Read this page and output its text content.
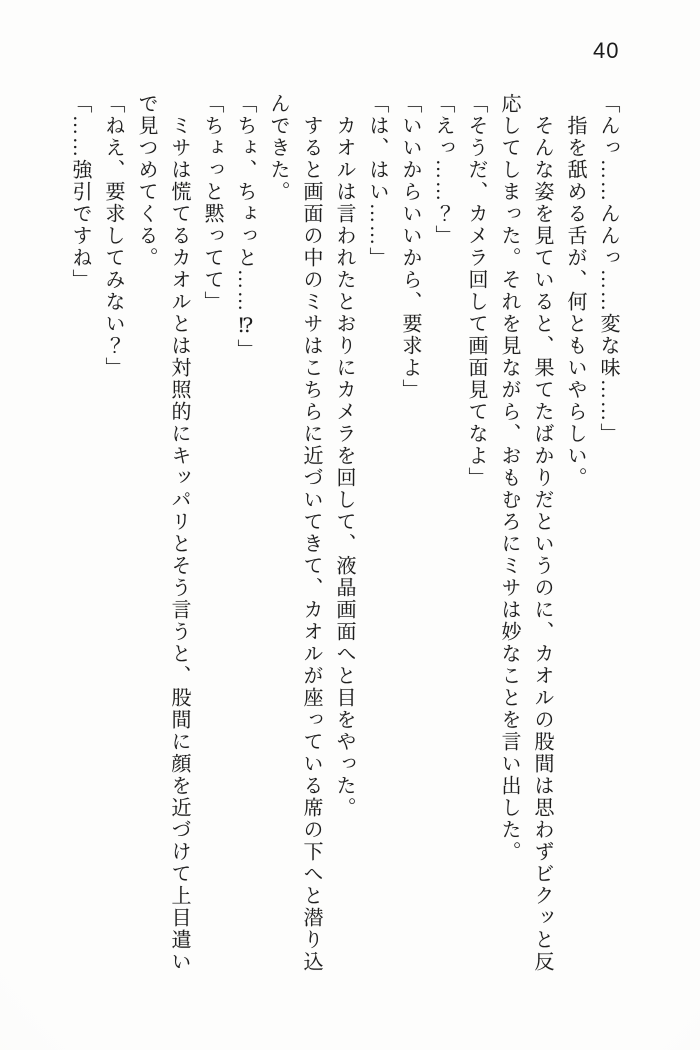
40

「んっ……んんっ……変な味……」

指を舐める舌が、何ともいやらしい。

そんな姿を見ていると、果てたばかりだというのに、カオルの股間は思わずビクッと反応してしまった。それを見ながら、おもむろにミサは妙なことを言い出した。

「そうだ、カメラ回して画面見てなよ」

「えっ……？」

「いいからいいから、要求よ」

「は、はい……」

カオルは言われたとおりにカメラを回して、液晶画面へと目をやった。

すると画面の中のミサはこちらに近づいてきて、カオルが座っている席の下へと潜り込んできた。

「ちょ、ちょっと……⁉」

「ちょっと黙ってて」

ミサは慌てるカオルとは対照的にキッパリとそう言うと、股間に顔を近づけて上目遣いで見つめてくる。

「ねえ、要求してみない？」

「……強引ですね」
